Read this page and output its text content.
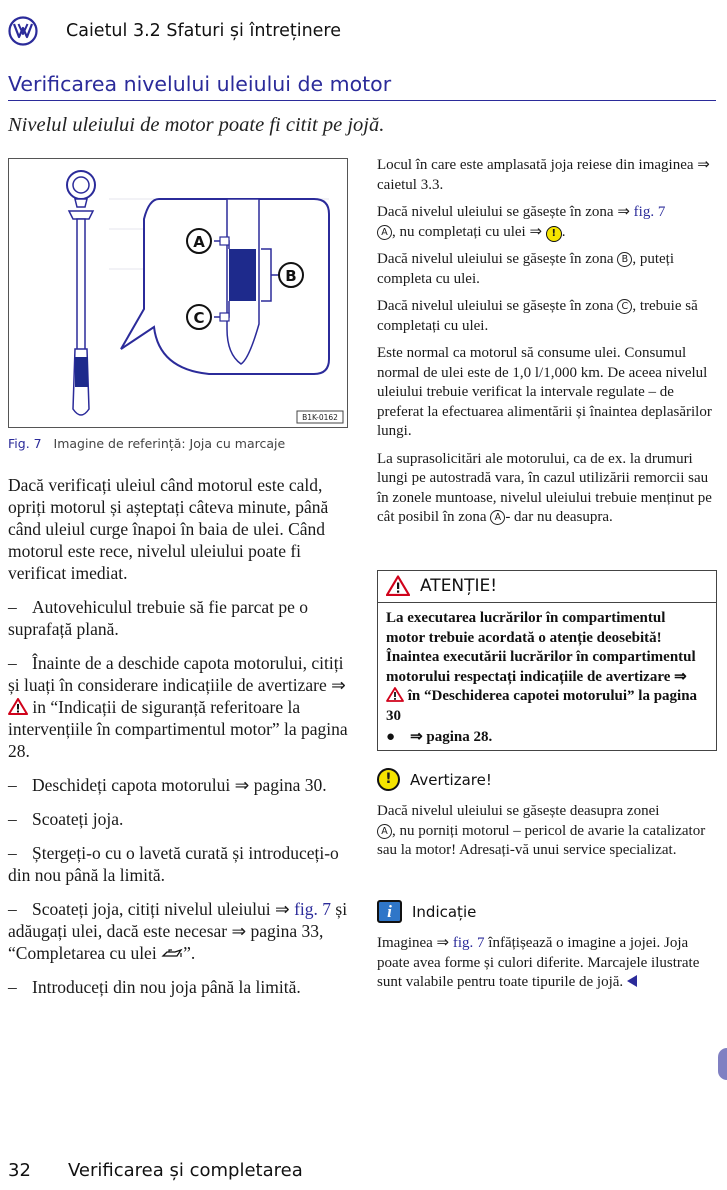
Caietul 3.2 Sfaturi și întreținere
Verificarea nivelului uleiului de motor
Nivelul uleiului de motor poate fi citit pe jojă.
A
B
C
B1K-0162
Fig. 7 Imagine de referință: Joja cu marcaje

Dacă verificați uleiul când motorul este cald, opriți motorul și așteptați câteva minute, până când uleiul curge înapoi în baia de ulei. Când motorul este rece, nivelul uleiului poate fi verificat imediat.

– Autovehiculul trebuie să fie parcat pe o suprafață plană.

– Înainte de a deschide capota motorului, citiți și luați în considerare indicațiile de avertizare ⇒  in “Indicații de siguranță referitoare la intervențiile în compartimentul motor” la pagina 28.

– Deschideți capota motorului ⇒ pagina 30.

– Scoateți joja.

– Ștergeți-o cu o lavetă curată și introduceți-o din nou până la limită.

– Scoateți joja, citiți nivelul uleiului ⇒ fig. 7 și adăugați ulei, dacă este necesar ⇒ pagina 33, “Completarea cu ulei ”.

– Introduceți din nou joja până la limită.

Locul în care este amplasată joja reiese din imaginea ⇒ caietul 3.3.

Dacă nivelul uleiului se găsește în zona ⇒ fig. 7
A , nu completați cu ulei ⇒ ! .

Dacă nivelul uleiului se găsește în zona B , puteți completa cu ulei.

Dacă nivelul uleiului se găsește în zona C , trebuie să completați cu ulei.

Este normal ca motorul să consume ulei. Consumul normal de ulei este de 1,0 l/1,000 km. De aceea nivelul uleiului trebuie verificat la intervale regulate – de preferat la efectuarea alimentării și înaintea deplasărilor lungi.

La suprasolicitări ale motorului, ca de ex. la drumuri lungi pe autostradă vara, în cazul utilizării remorcii sau în zonele muntoase, nivelul uleiului trebuie menținut pe cât posibil în zona A - dar nu deasupra.

ATENȚIE!
La executarea lucrărilor în compartimentul motor trebuie acordată o atenție deosebită! Înaintea executării lucrărilor în compartimentul motorului respectați indicațiile de avertizare ⇒  în “Deschiderea capotei motorului” la pagina 30
●    ⇒ pagina 28.
! Avertizare!
Dacă nivelul uleiului se găsește deasupra zonei
A , nu porniți motorul – pericol de avarie la catalizator sau la motor! Adresați-vă unui service specializat.
i Indicație
Imaginea ⇒ fig. 7 înfățișează o imagine a jojei. Joja poate avea forme și culori diferite. Marcajele ilustrate sunt valabile pentru toate tipurile de jojă.
32 Verificarea și completarea
